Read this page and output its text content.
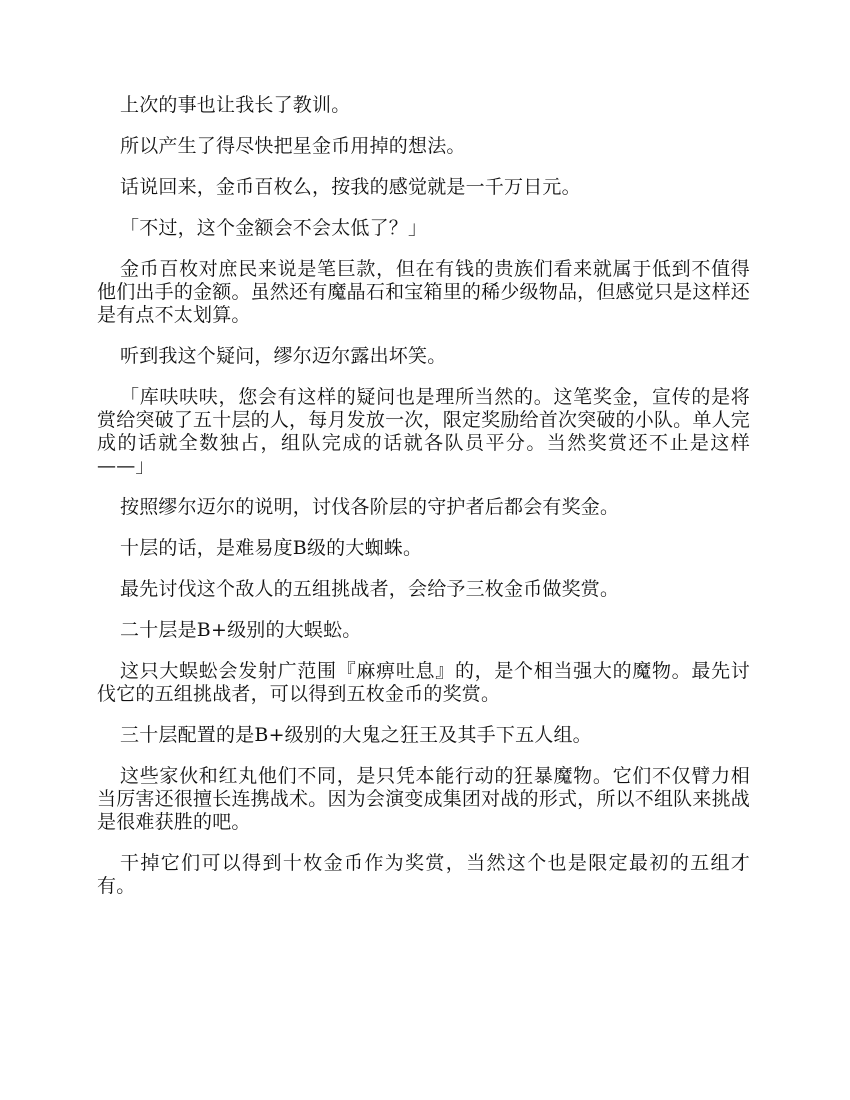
上次的事也让我长了教训。

所以产生了得尽快把星金币用掉的想法。

话说回来，金币百枚么，按我的感觉就是一千万日元。

「不过，这个金额会不会太低了？」

金币百枚对庶民来说是笔巨款，但在有钱的贵族们看来就属于低到不值得他们出手的金额。虽然还有魔晶石和宝箱里的稀少级物品，但感觉只是这样还是有点不太划算。

听到我这个疑问，缪尔迈尔露出坏笑。

「库呋呋呋，您会有这样的疑问也是理所当然的。这笔奖金，宣传的是将赏给突破了五十层的人，每月发放一次，限定奖励给首次突破的小队。单人完成的话就全数独占，组队完成的话就各队员平分。当然奖赏还不止是这样——」

按照缪尔迈尔的说明，讨伐各阶层的守护者后都会有奖金。

十层的话，是难易度B级的大蜘蛛。

最先讨伐这个敌人的五组挑战者，会给予三枚金币做奖赏。

二十层是B+级别的大蜈蚣。

这只大蜈蚣会发射广范围『麻痹吐息』的，是个相当强大的魔物。最先讨伐它的五组挑战者，可以得到五枚金币的奖赏。

三十层配置的是B+级别的大鬼之狂王及其手下五人组。

这些家伙和红丸他们不同，是只凭本能行动的狂暴魔物。它们不仅臂力相当厉害还很擅长连携战术。因为会演变成集团对战的形式，所以不组队来挑战是很难获胜的吧。

干掉它们可以得到十枚金币作为奖赏，当然这个也是限定最初的五组才有。
